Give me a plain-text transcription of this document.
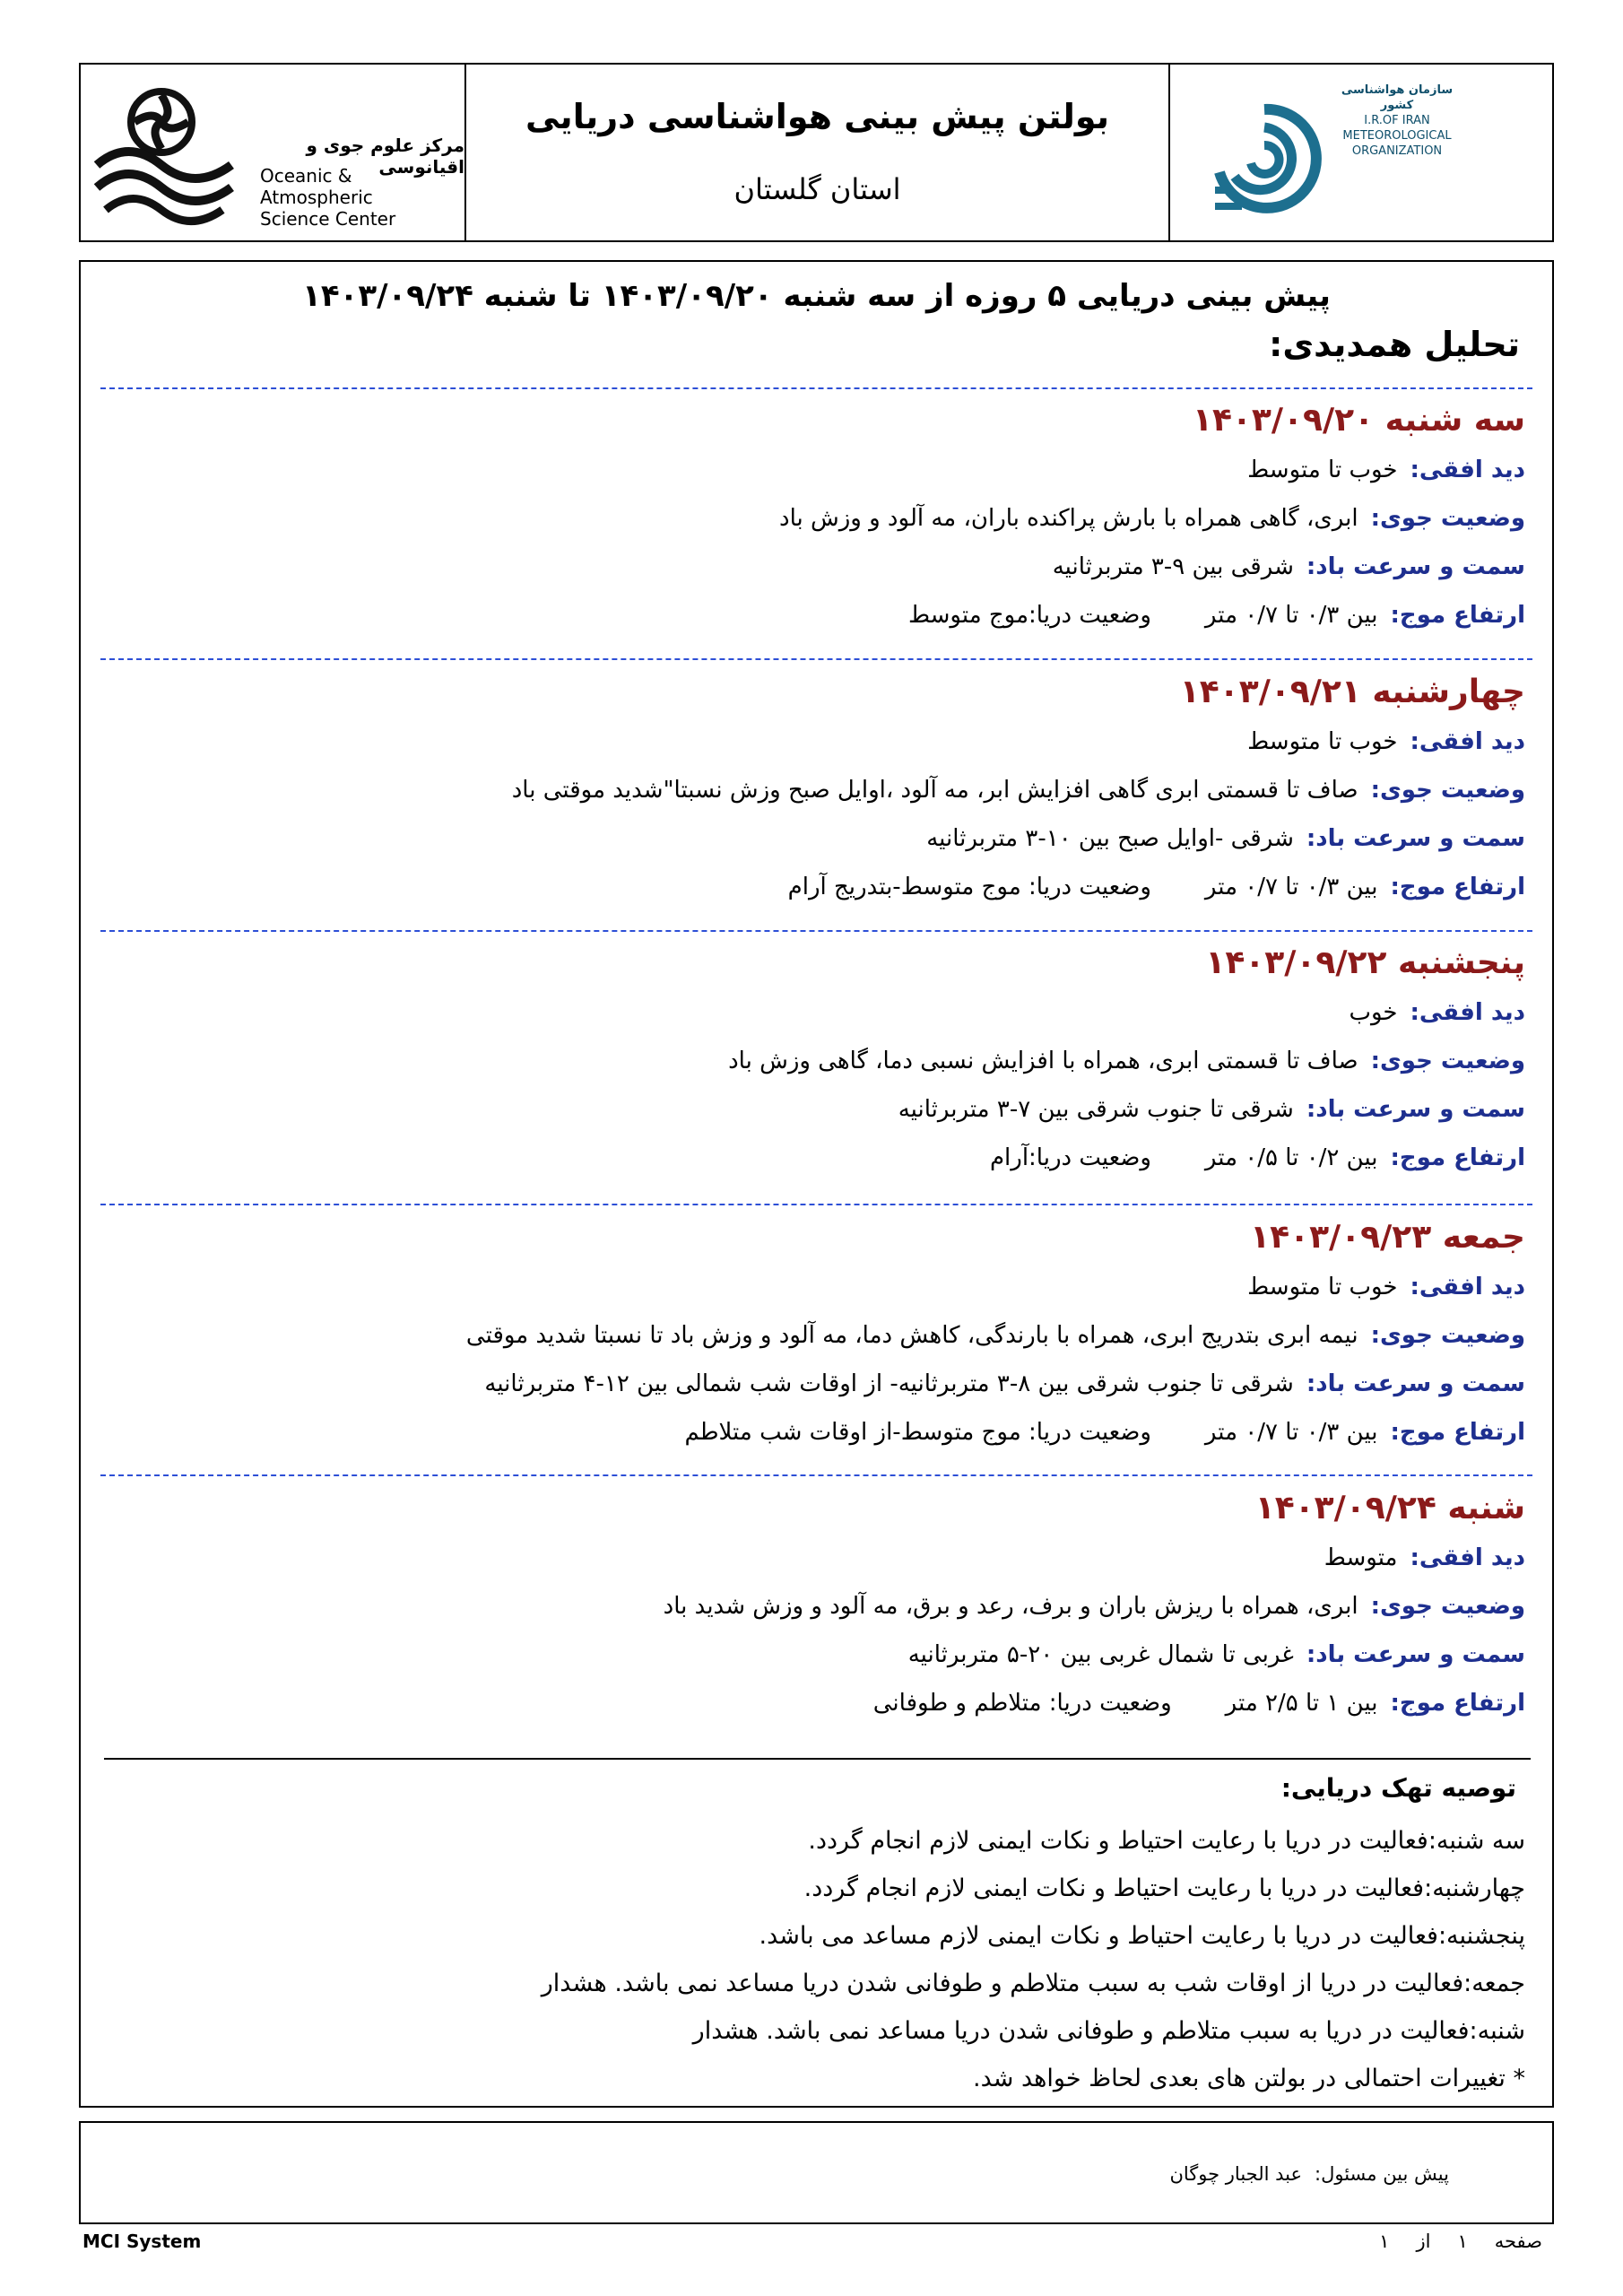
مرکز علوم جوی و اقیانوسی
Oceanic & Atmospheric
Science Center
بولتن پیش بینی هواشناسی دریایی
استان گلستان
سازمان هواشناسی کشور
I.R.OF IRAN
METEOROLOGICAL
ORGANIZATION
پیش بینی دریایی ۵ روزه از سه شنبه ۱۴۰۳/۰۹/۲۰ تا شنبه ۱۴۰۳/۰۹/۲۴
تحلیل همدیدی:
سه شنبه ۱۴۰۳/۰۹/۲۰
دید افقی:خوب تا متوسط
وضعیت جوی:ابری، گاهی همراه با بارش پراکنده باران، مه آلود و وزش باد
سمت و سرعت باد:شرقی بین ۹-۳ متربرثانیه
ارتفاع موج:بین ۰/۳ تا ۰/۷ متروضعیت دریا:موج متوسط
چهارشنبه ۱۴۰۳/۰۹/۲۱
دید افقی:خوب تا متوسط
وضعیت جوی:صاف تا قسمتی ابری گاهی افزایش ابر، مه آلود ،اوایل صبح وزش نسبتا"شدید موقتی باد
سمت و سرعت باد:شرقی -اوایل صبح بین ۱۰-۳ متربرثانیه
ارتفاع موج:بین ۰/۳ تا ۰/۷ متروضعیت دریا: موج متوسط-بتدریج آرام
پنجشنبه ۱۴۰۳/۰۹/۲۲
دید افقی:خوب
وضعیت جوی:صاف تا قسمتی ابری، همراه با افزایش نسبی دما، گاهی وزش باد
سمت و سرعت باد:شرقی تا جنوب شرقی بین ۷-۳ متربرثانیه
ارتفاع موج:بین ۰/۲ تا ۰/۵ متروضعیت دریا:آرام
جمعه ۱۴۰۳/۰۹/۲۳
دید افقی:خوب تا متوسط
وضعیت جوی:نیمه ابری بتدریج ابری، همراه با بارندگی، کاهش دما، مه آلود و وزش باد تا نسبتا شدید موقتی
سمت و سرعت باد:شرقی تا جنوب شرقی بین ۸-۳ متربرثانیه- از اوقات شب شمالی بین ۱۲-۴ متربرثانیه
ارتفاع موج:بین ۰/۳ تا ۰/۷ متروضعیت دریا: موج متوسط-از اوقات شب متلاطم
شنبه ۱۴۰۳/۰۹/۲۴
دید افقی:متوسط
وضعیت جوی:ابری، همراه با ریزش باران و برف، رعد و برق، مه آلود و وزش شدید باد
سمت و سرعت باد:غربی تا شمال غربی بین ۲۰-۵ متربرثانیه
ارتفاع موج:بین ۱ تا ۲/۵ متروضعیت دریا: متلاطم و طوفانی
توصیه تهک دریایی:
سه شنبه:فعالیت در دریا با رعایت احتیاط و نکات ایمنی لازم انجام گردد.
چهارشنبه:فعالیت در دریا با رعایت احتیاط و نکات ایمنی لازم انجام گردد.
پنجشنبه:فعالیت در دریا با رعایت احتیاط و نکات ایمنی لازم مساعد می باشد.
جمعه:فعالیت در دریا از اوقات شب به سبب متلاطم و طوفانی شدن دریا مساعد نمی باشد. هشدار
شنبه:فعالیت در دریا به سبب متلاطم و طوفانی شدن دریا مساعد نمی باشد. هشدار
* تغییرات احتمالی در بولتن های بعدی لحاظ خواهد شد.
پیش بین مسئول:عبد الجبار چوگان
MCI System	صفحه۱از۱
